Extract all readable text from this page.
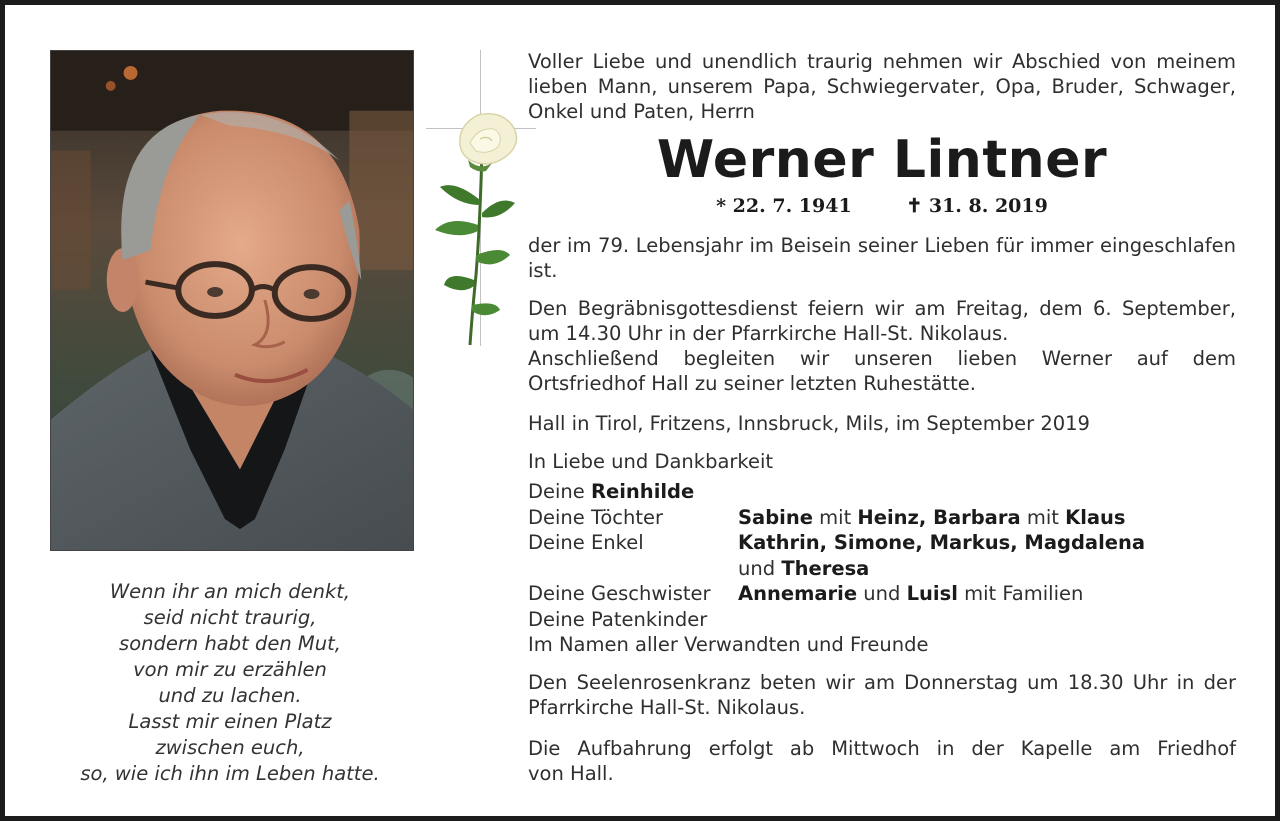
Wenn ihr an mich denkt,
seid nicht traurig,
sondern habt den Mut,
von mir zu erzählen
und zu lachen.
Lasst mir einen Platz
zwischen euch,
so, wie ich ihn im Leben hatte.
Voller Liebe und unendlich traurig nehmen wir Abschied von meinem
lieben Mann, unserem Papa, Schwiegervater, Opa, Bruder, Schwager,
Onkel und Paten, Herrn
Werner Lintner
* 22. 7. 1941	✝ 31. 8. 2019
der im 79. Lebensjahr im Beisein seiner Lieben für immer eingeschlafen
ist.
Den Begräbnisgottesdienst feiern wir am Freitag, dem 6. September,
um 14.30 Uhr in der Pfarrkirche Hall-St. Nikolaus.
Anschließend begleiten wir unseren lieben Werner auf dem
Ortsfriedhof Hall zu seiner letzten Ruhestätte.
Hall in Tirol, Fritzens, Innsbruck, Mils, im September 2019
In Liebe und Dankbarkeit
Deine
Reinhilde
Deine Töchter	Sabine mit Heinz, Barbara mit Klaus
Deine Enkel	Kathrin, Simone, Markus, Magdalena
und Theresa
Deine Geschwister	Annemarie und Luisl mit Familien
Deine Patenkinder
Im Namen aller Verwandten und Freunde
Den Seelenrosenkranz beten wir am Donnerstag um 18.30 Uhr in der
Pfarrkirche Hall-St. Nikolaus.
Die Aufbahrung erfolgt ab Mittwoch in der Kapelle am Friedhof
von Hall.
